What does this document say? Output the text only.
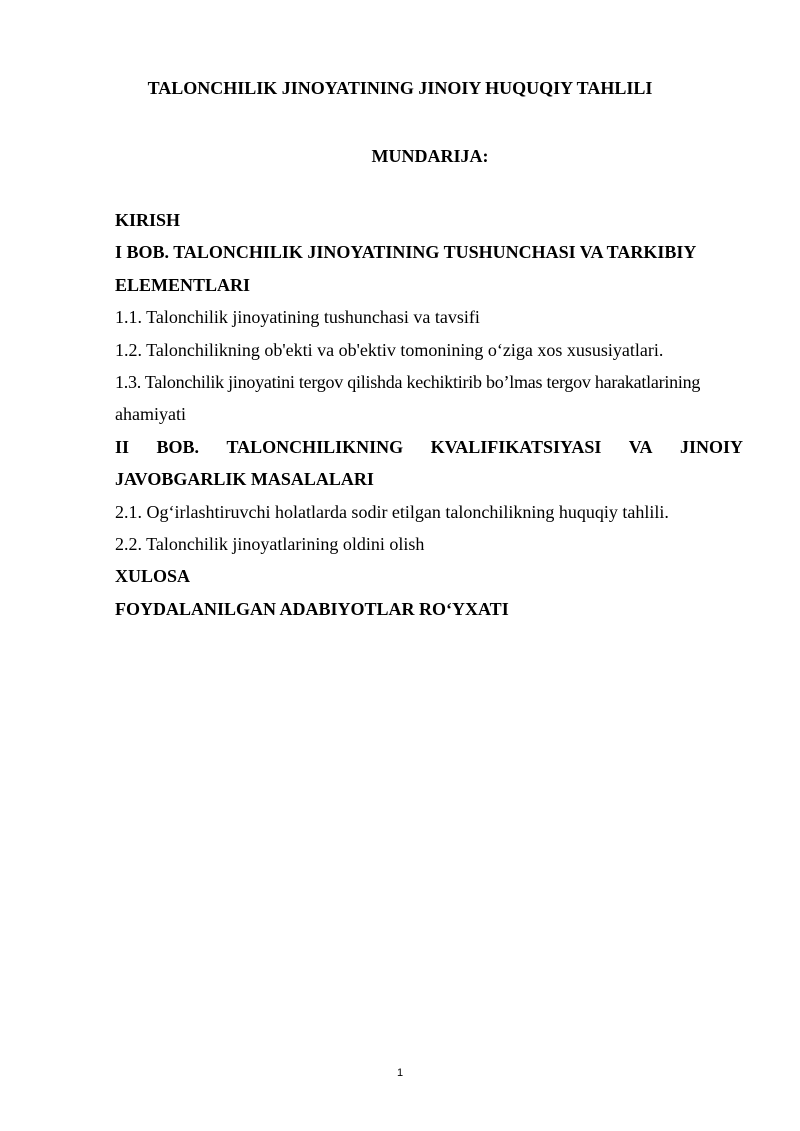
TALONCHILIK JINOYATINING JINOIY HUQUQIY TAHLILI
MUNDARIJA:
KIRISH
I BOB. TALONCHILIK JINOYATINING TUSHUNCHASI VA TARKIBIY
ELEMENTLARI
1.1. Talonchilik jinoyatining tushunchasi va tavsifi
1.2. Talonchilikning ob'ekti va ob'ektiv tomonining o‘ziga xos xususiyatlari.
1.3. Talonchilik jinoyatini tergov qilishda kechiktirib bo’lmas tergov harakatlarining
ahamiyati
II BOB. TALONCHILIKNING KVALIFIKATSIYASI VA JINOIY
JAVOBGARLIK MASALALARI
2.1. Og‘irlashtiruvchi holatlarda sodir etilgan talonchilikning huquqiy tahlili.
2.2. Talonchilik jinoyatlarining oldini olish
XULOSA
FOYDALANILGAN ADABIYOTLAR RO‘YXATI
1
